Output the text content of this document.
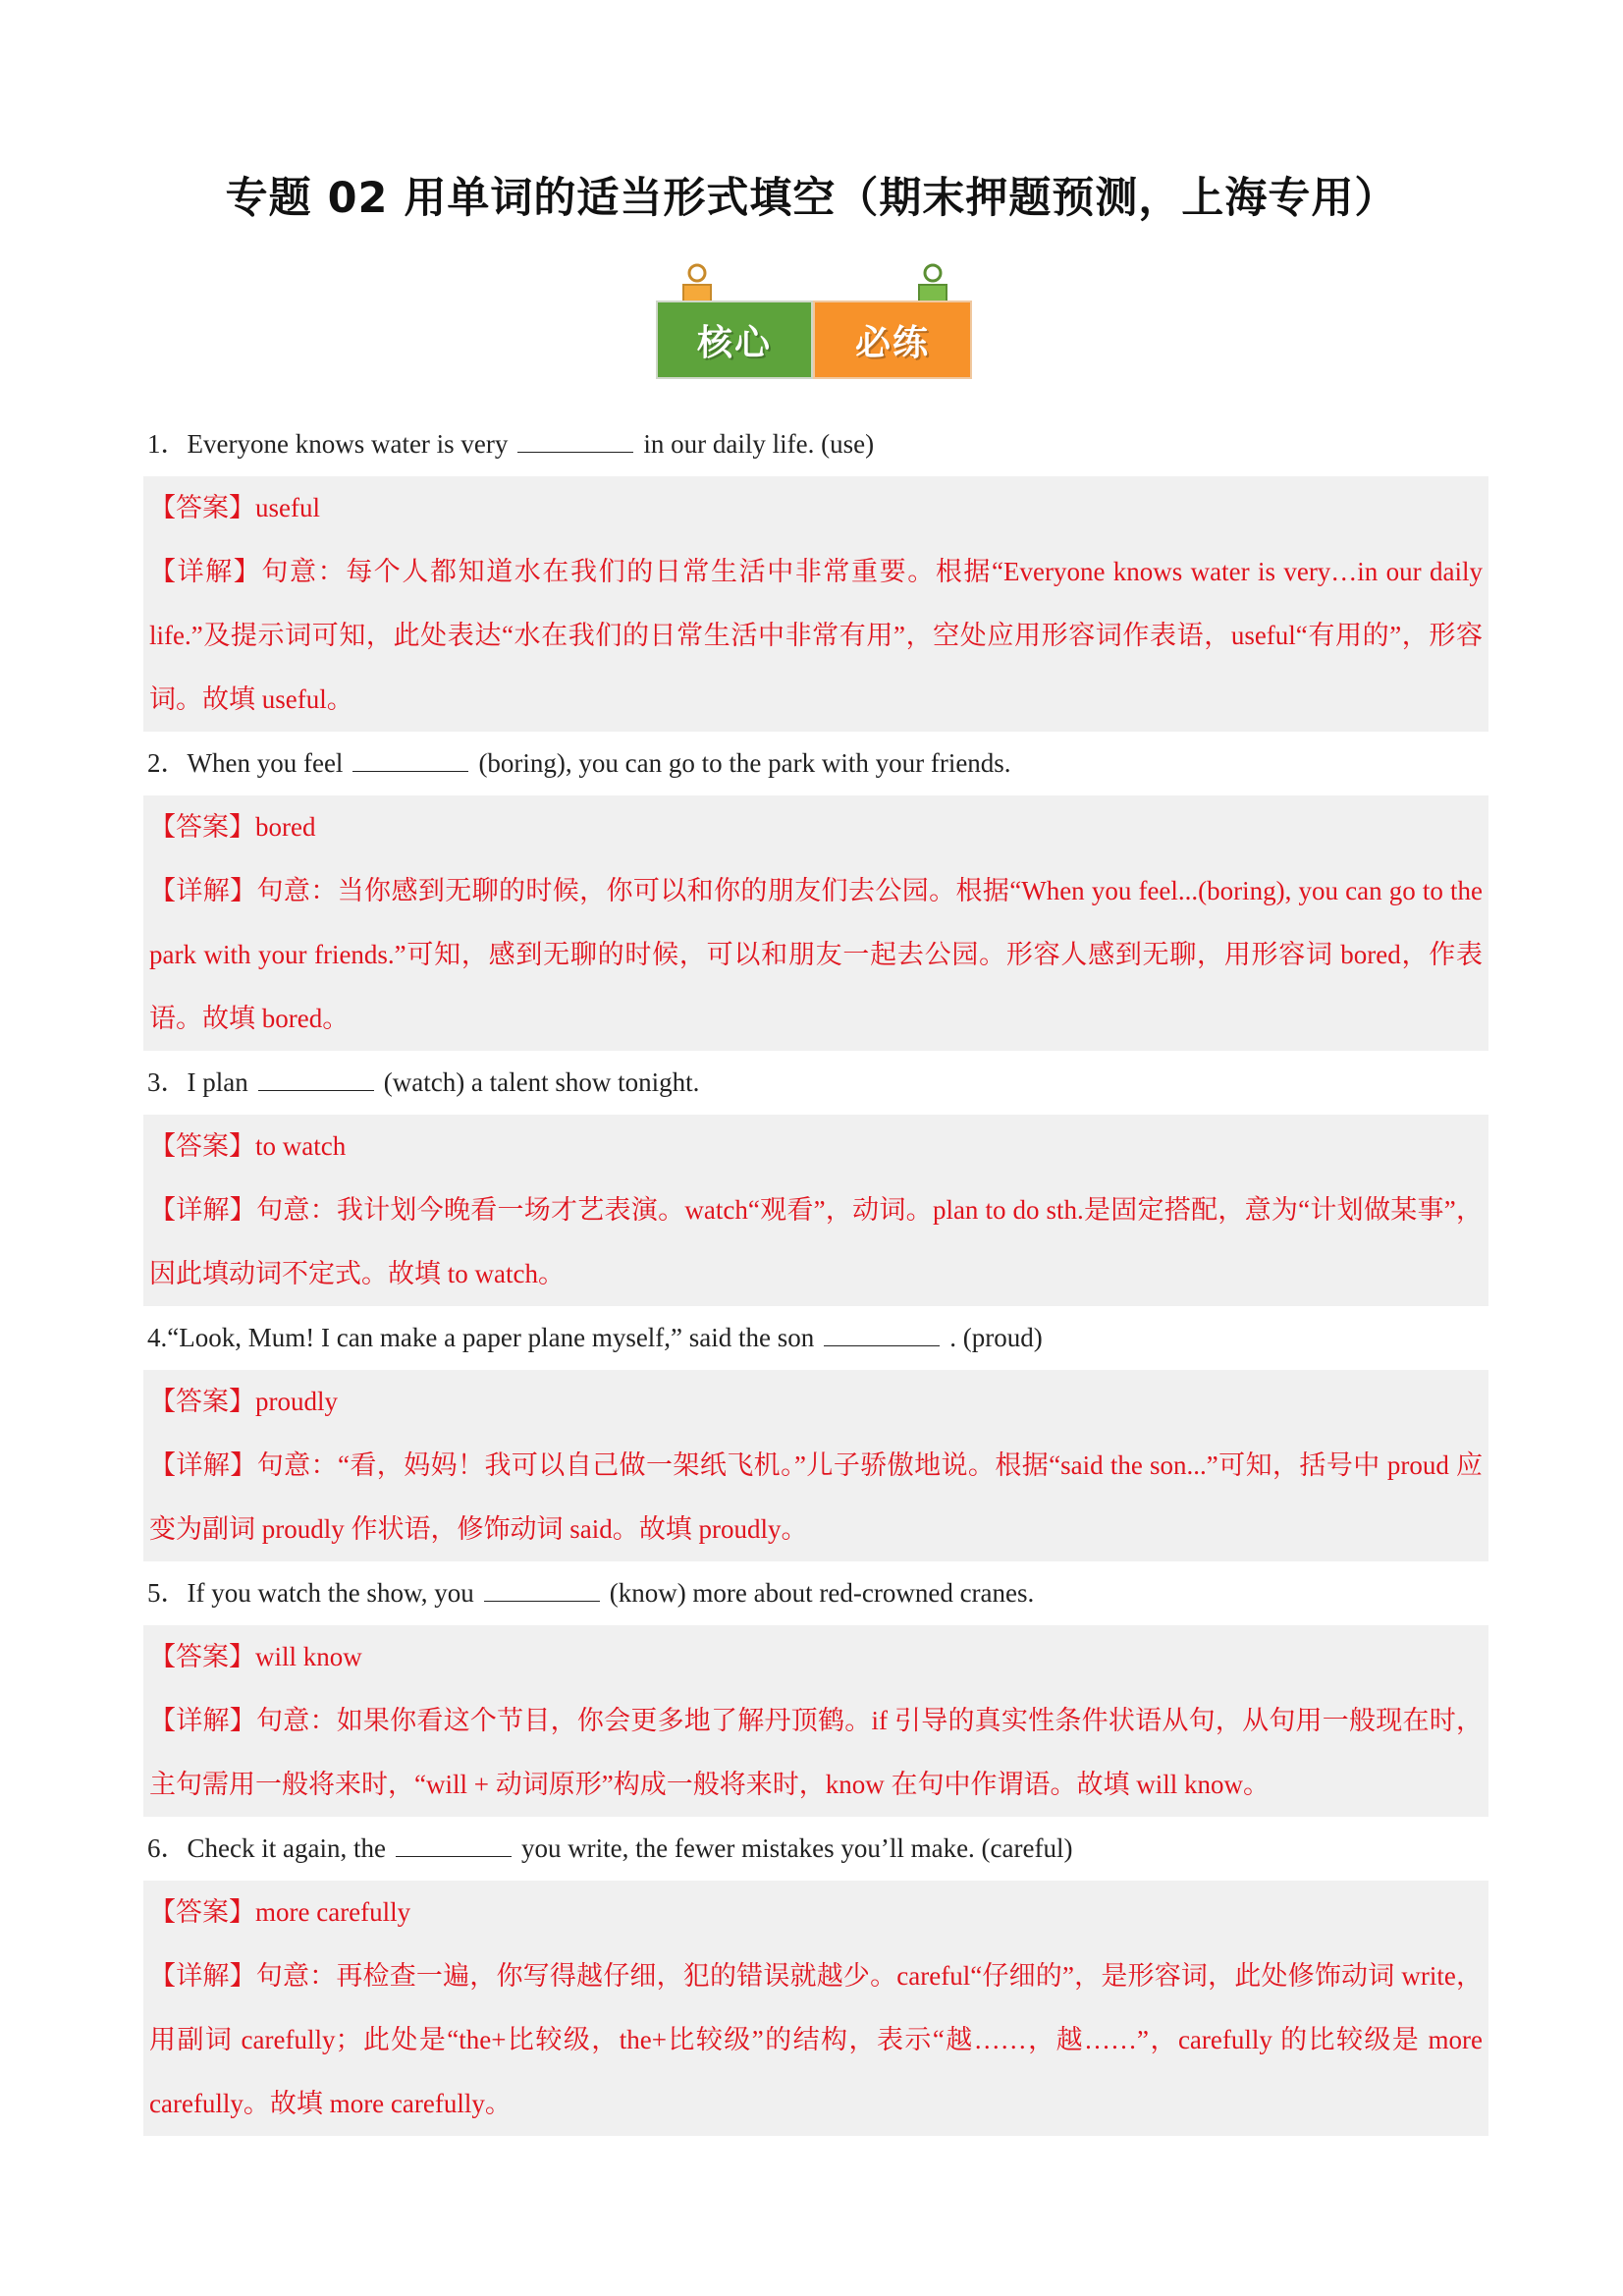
专题 02 用单词的适当形式填空（期末押题预测，上海专用）
核心 必练
1．Everyone knows water is very	in our daily life. (use)
【答案】useful
【详解】句意：每个人都知道水在我们的日常生活中非常重要。根据“Everyone knows water is very…in our daily life.”及提示词可知，此处表达“水在我们的日常生活中非常有用”，空处应用形容词作表语，useful“有用的”，形容词。故填 useful。
2．When you feel	(boring), you can go to the park with your friends.
【答案】bored
【详解】句意：当你感到无聊的时候，你可以和你的朋友们去公园。根据“When you feel...(boring), you can go to the park with your friends.”可知，感到无聊的时候，可以和朋友一起去公园。形容人感到无聊，用形容词 bored，作表语。故填 bored。
3．I plan	(watch) a talent show tonight.
【答案】to watch
【详解】句意：我计划今晚看一场才艺表演。watch“观看”，动词。plan to do sth.是固定搭配，意为“计划做某事”，因此填动词不定式。故填 to watch。
4.“Look, Mum! I can make a paper plane myself,” said the son	. (proud)
【答案】proudly
【详解】句意：“看，妈妈！我可以自己做一架纸飞机。”儿子骄傲地说。根据“said the son...”可知，括号中 proud 应变为副词 proudly 作状语，修饰动词 said。故填 proudly。
5．If you watch the show, you	(know) more about red-crowned cranes.
【答案】will know
【详解】句意：如果你看这个节目，你会更多地了解丹顶鹤。if 引导的真实性条件状语从句，从句用一般现在时，主句需用一般将来时，“will + 动词原形”构成一般将来时，know 在句中作谓语。故填 will know。
6．Check it again, the	you write, the fewer mistakes you’ll make. (careful)
【答案】more carefully
【详解】句意：再检查一遍，你写得越仔细，犯的错误就越少。careful“仔细的”，是形容词，此处修饰动词 write，用副词 carefully；此处是“the+比较级，the+比较级”的结构，表示“越……，越……”，carefully 的比较级是 more carefully。故填 more carefully。
